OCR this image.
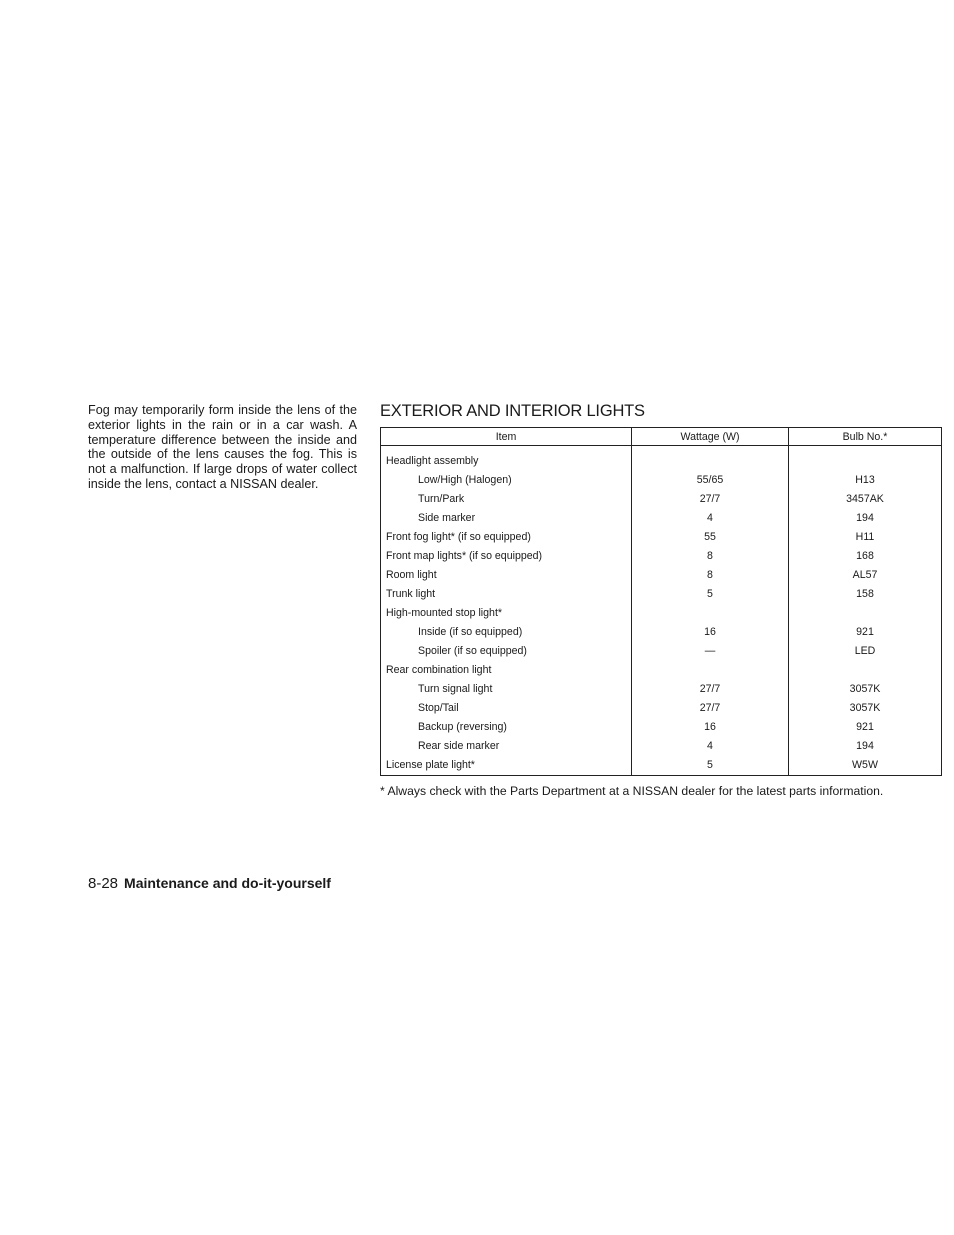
Fog may temporarily form inside the lens of the exterior lights in the rain or in a car wash. A temperature difference between the inside and the outside of the lens causes the fog. This is not a malfunction. If large drops of water collect inside the lens, contact a NISSAN dealer.

EXTERIOR AND INTERIOR LIGHTS
Item	Wattage (W)	Bulb No.*
Headlight assembly		
Low/High (Halogen)	55/65	H13
Turn/Park	27/7	3457AK
Side marker	4	194
Front fog light* (if so equipped)	55	H11
Front map lights* (if so equipped)	8	168
Room light	8	AL57
Trunk light	5	158
High-mounted stop light*		
Inside (if so equipped)	16	921
Spoiler (if so equipped)	—	LED
Rear combination light		
Turn signal light	27/7	3057K
Stop/Tail	27/7	3057K
Backup (reversing)	16	921
Rear side marker	4	194
License plate light*	5	W5W
* Always check with the Parts Department at a NISSAN dealer for the latest parts information.
8-28 Maintenance and do-it-yourself
